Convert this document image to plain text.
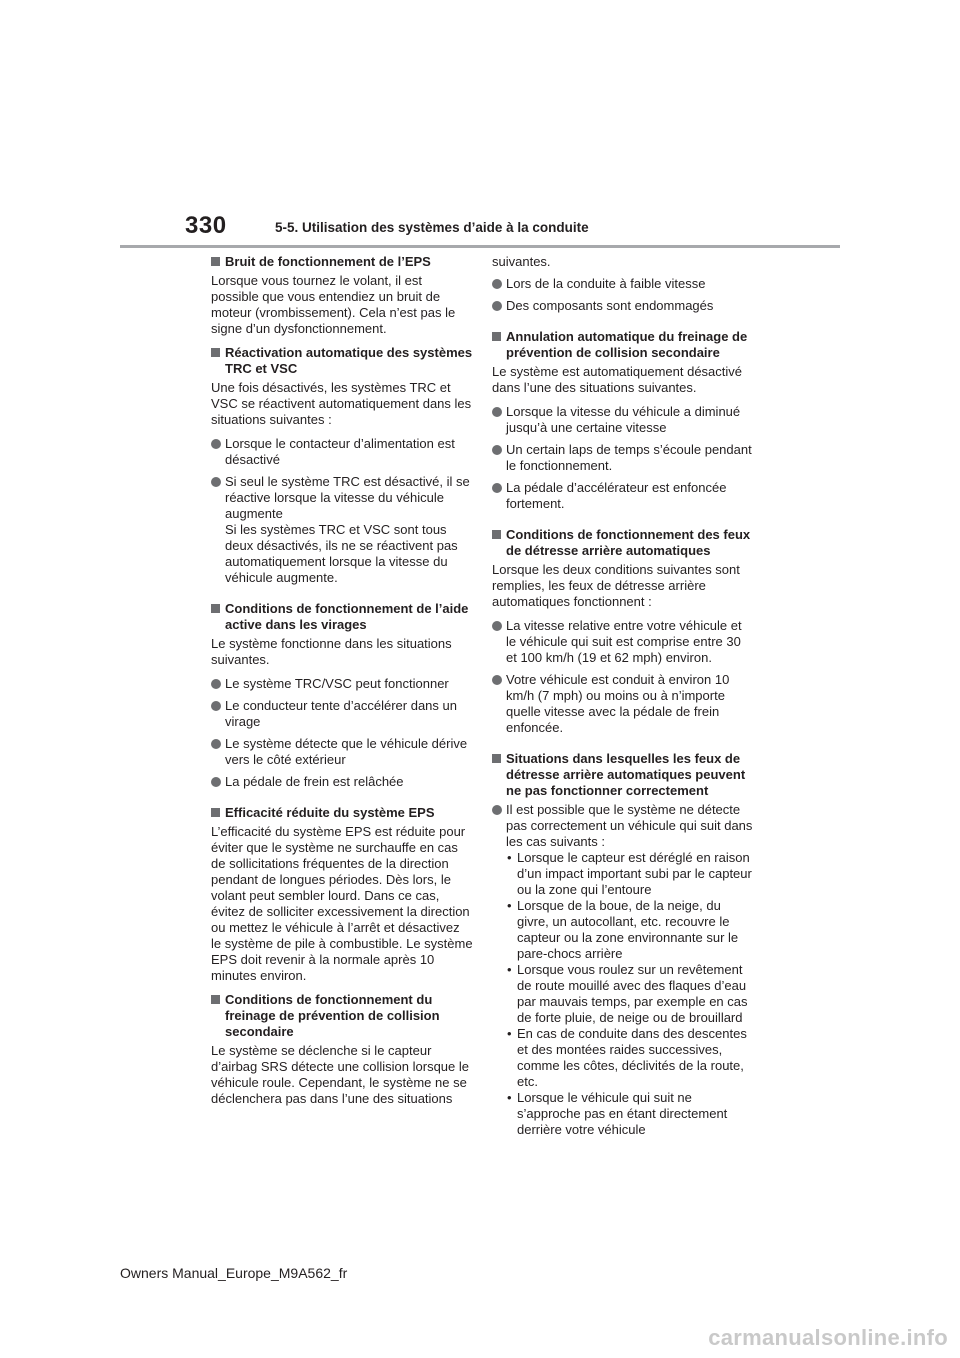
330	5-5. Utilisation des systèmes d’aide à la conduite
Bruit de fonctionnement de l’EPS

Lorsque vous tournez le volant, il est possible que vous entendiez un bruit de moteur (vrombissement). Cela n’est pas le signe d’un dysfonctionnement.

Réactivation automatique des systèmes TRC et VSC

Une fois désactivés, les systèmes TRC et VSC se réactivent automatiquement dans les situations suivantes :

Lorsque le contacteur d’alimentation est désactivé
Si seul le système TRC est désactivé, il se réactive lorsque la vitesse du véhicule augmente
Si les systèmes TRC et VSC sont tous deux désactivés, ils ne se réactivent pas automatiquement lorsque la vitesse du véhicule augmente.
Conditions de fonctionnement de l’aide active dans les virages

Le système fonctionne dans les situations suivantes.

Le système TRC/VSC peut fonctionner
Le conducteur tente d’accélérer dans un virage
Le système détecte que le véhicule dérive vers le côté extérieur
La pédale de frein est relâchée
Efficacité réduite du système EPS

L’efficacité du système EPS est réduite pour éviter que le système ne surchauffe en cas de sollicitations fréquentes de la direction pendant de longues périodes. Dès lors, le volant peut sembler lourd. Dans ce cas, évitez de solliciter excessivement la direction ou mettez le véhicule à l’arrêt et désactivez le système de pile à combustible. Le système EPS doit revenir à la normale après 10 minutes environ.

Conditions de fonctionnement du freinage de prévention de collision secondaire

Le système se déclenche si le capteur d’airbag SRS détecte une collision lorsque le véhicule roule. Cependant, le système ne se déclenchera pas dans l’une des situations

suivantes.

Lors de la conduite à faible vitesse
Des composants sont endommagés
Annulation automatique du freinage de prévention de collision secondaire

Le système est automatiquement désactivé dans l’une des situations suivantes.

Lorsque la vitesse du véhicule a diminué jusqu’à une certaine vitesse
Un certain laps de temps s’écoule pendant le fonctionnement.
La pédale d’accélérateur est enfoncée fortement.
Conditions de fonctionnement des feux de détresse arrière automatiques

Lorsque les deux conditions suivantes sont remplies, les feux de détresse arrière automatiques fonctionnent :

La vitesse relative entre votre véhicule et le véhicule qui suit est comprise entre 30 et 100 km/h (19 et 62 mph) environ.
Votre véhicule est conduit à environ 10 km/h (7 mph) ou moins ou à n’importe quelle vitesse avec la pédale de frein enfoncée.
Situations dans lesquelles les feux de détresse arrière automatiques peuvent ne pas fonctionner correctement
Il est possible que le système ne détecte pas correctement un véhicule qui suit dans les cas suivants :
• Lorsque le capteur est déréglé en raison d’un impact important subi par le capteur ou la zone qui l’entoure
• Lorsque de la boue, de la neige, du givre, un autocollant, etc. recouvre le capteur ou la zone environnante sur le pare-chocs arrière
• Lorsque vous roulez sur un revêtement de route mouillé avec des flaques d’eau par mauvais temps, par exemple en cas de forte pluie, de neige ou de brouillard
• En cas de conduite dans des descentes et des montées raides successives, comme les côtes, déclivités de la route, etc.
• Lorsque le véhicule qui suit ne s’approche pas en étant directement derrière votre véhicule
Owners Manual_Europe_M9A562_fr
carmanualsonline.info
